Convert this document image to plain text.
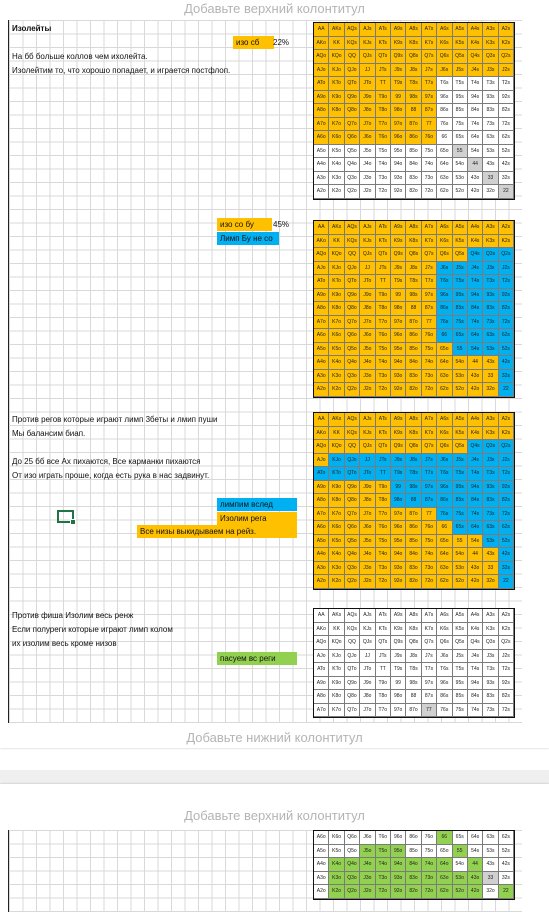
Добавьте верхний колонтитул
Изолейты
изо сб	22%
На бб больше коллов чем ихолейта.
Изолейтим то, что хорошо попадает, и играется постфлоп.
изо со бу	45%
Лимп Бу не со
Против регов которые играют лимп 3беты и лмип пуши
Мы балансим биап.
До 25 бб все Ах пихаются, Все карманки пихаются
От изо играть проше, когда есть рука в нас задвинут.
лимпим вслед
Изолим рега
Все низы выкидываем на рейз.
Против фиша Изолим весь ренж
Если полуреги которые играют лимп колом
их изолим весь кроме низов
пасуем вс реги
AA	AKs	AQs	AJs	ATs	A9s	A8s	A7s	A6s	A5s	A4s	A3s	A2s
AKo	KK	KQs	KJs	KTs	K9s	K8s	K7s	K6s	K5s	K4s	K3s	K2s
AQo	KQo	QQ	QJs	QTs	Q9s	Q8s	Q7s	Q6s	Q5s	Q4s	Q3s	Q2s
AJo	KJo	QJo	JJ	JTs	J9s	J8s	J7s	J6s	J5s	J4s	J3s	J2s
ATo	KTo	QTo	JTo	TT	T9s	T8s	T7s	T6s	T5s	T4s	T3s	T2s
A9o	K9o	Q9o	J9o	T9o	99	98s	97s	96s	95s	94s	93s	92s
A8o	K8o	Q8o	J8o	T8o	98o	88	87s	86s	85s	84s	83s	82s
A7o	K7o	Q7o	J7o	T7o	97o	87o	77	76s	75s	74s	73s	72s
A6o	K6o	Q6o	J6o	T6o	96o	86o	76o	66	65s	64s	63s	62s
A5o	K5o	Q5o	J5o	T5o	95o	85o	75o	65o	55	54s	53s	52s
A4o	K4o	Q4o	J4o	T4o	94o	84o	74o	64o	54o	44	43s	42s
A3o	K3o	Q3o	J3o	T3o	93o	83o	73o	63o	53o	43o	33	32s
A2o	K2o	Q2o	J2o	T2o	92o	82o	72o	62o	52o	42o	32o	22
AA	AKs	AQs	AJs	ATs	A9s	A8s	A7s	A6s	A5s	A4s	A3s	A2s
AKo	KK	KQs	KJs	KTs	K9s	K8s	K7s	K6s	K5s	K4s	K3s	K2s
AQo	KQo	QQ	QJs	QTs	Q9s	Q8s	Q7s	Q6s	Q5s	Q4s	Q3s	Q2s
AJo	KJo	QJo	JJ	JTs	J9s	J8s	J7s	J6s	J5s	J4s	J3s	J2s
ATo	KTo	QTo	JTo	TT	T9s	T8s	T7s	T6s	T5s	T4s	T3s	T2s
A9o	K9o	Q9o	J9o	T9o	99	98s	97s	96s	95s	94s	93s	92s
A8o	K8o	Q8o	J8o	T8o	98o	88	87s	86s	85s	84s	83s	82s
A7o	K7o	Q7o	J7o	T7o	97o	87o	77	76s	75s	74s	73s	72s
A6o	K6o	Q6o	J6o	T6o	96o	86o	76o	66	65s	64s	63s	62s
A5o	K5o	Q5o	J5o	T5o	95o	85o	75o	65o	55	54s	53s	52s
A4o	K4o	Q4o	J4o	T4o	94o	84o	74o	64o	54o	44	43s	42s
A3o	K3o	Q3o	J3o	T3o	93o	83o	73o	63o	53o	43o	33	32s
A2o	K2o	Q2o	J2o	T2o	92o	82o	72o	62o	52o	42o	32o	22
AA	AKs	AQs	AJs	ATs	A9s	A8s	A7s	A6s	A5s	A4s	A3s	A2s
AKo	KK	KQs	KJs	KTs	K9s	K8s	K7s	K6s	K5s	K4s	K3s	K2s
AQo	KQo	QQ	QJs	QTs	Q9s	Q8s	Q7s	Q6s	Q5s	Q4s	Q3s	Q2s
AJo	KJo	QJo	JJ	JTs	J9s	J8s	J7s	J6s	J5s	J4s	J3s	J2s
ATo	KTo	QTo	JTo	TT	T9s	T8s	T7s	T6s	T5s	T4s	T3s	T2s
A9o	K9o	Q9o	J9o	T9o	99	98s	97s	96s	95s	94s	93s	92s
A8o	K8o	Q8o	J8o	T8o	98o	88	87s	86s	85s	84s	83s	82s
A7o	K7o	Q7o	J7o	T7o	97o	87o	77	76s	75s	74s	73s	72s
A6o	K6o	Q6o	J6o	T6o	96o	86o	76o	66	65s	64s	63s	62s
A5o	K5o	Q5o	J5o	T5o	95o	85o	75o	65o	55	54s	53s	52s
A4o	K4o	Q4o	J4o	T4o	94o	84o	74o	64o	54o	44	43s	42s
A3o	K3o	Q3o	J3o	T3o	93o	83o	73o	63o	53o	43o	33	32s
A2o	K2o	Q2o	J2o	T2o	92o	82o	72o	62o	52o	42o	32o	22
AA	AKs	AQs	AJs	ATs	A9s	A8s	A7s	A6s	A5s	A4s	A3s	A2s
AKo	KK	KQs	KJs	KTs	K9s	K8s	K7s	K6s	K5s	K4s	K3s	K2s
AQo	KQo	QQ	QJs	QTs	Q9s	Q8s	Q7s	Q6s	Q5s	Q4s	Q3s	Q2s
AJo	KJo	QJo	JJ	JTs	J9s	J8s	J7s	J6s	J5s	J4s	J3s	J2s
ATo	KTo	QTo	JTo	TT	T9s	T8s	T7s	T6s	T5s	T4s	T3s	T2s
A9o	K9o	Q9o	J9o	T9o	99	98s	97s	96s	95s	94s	93s	92s
A8o	K8o	Q8o	J8o	T8o	98o	88	87s	86s	85s	84s	83s	82s
A7o	K7o	Q7o	J7o	T7o	97o	87o	77	76s	75s	74s	73s	72s
Добавьте нижний колонтитул
Добавьте верхний колонтитул
A6o	K6o	Q6o	J6o	T6o	96o	86o	76o	66	65s	64s	63s	62s
A5o	K5o	Q5o	J5o	T5o	95o	85o	75o	65o	55	54s	53s	52s
A4o	K4o	Q4o	J4o	T4o	94o	84o	74o	64o	54o	44	43s	42s
A3o	K3o	Q3o	J3o	T3o	93o	83o	73o	63o	53o	43o	33	32s
A2o	K2o	Q2o	J2o	T2o	92o	82o	72o	62o	52o	42o	32o	22
